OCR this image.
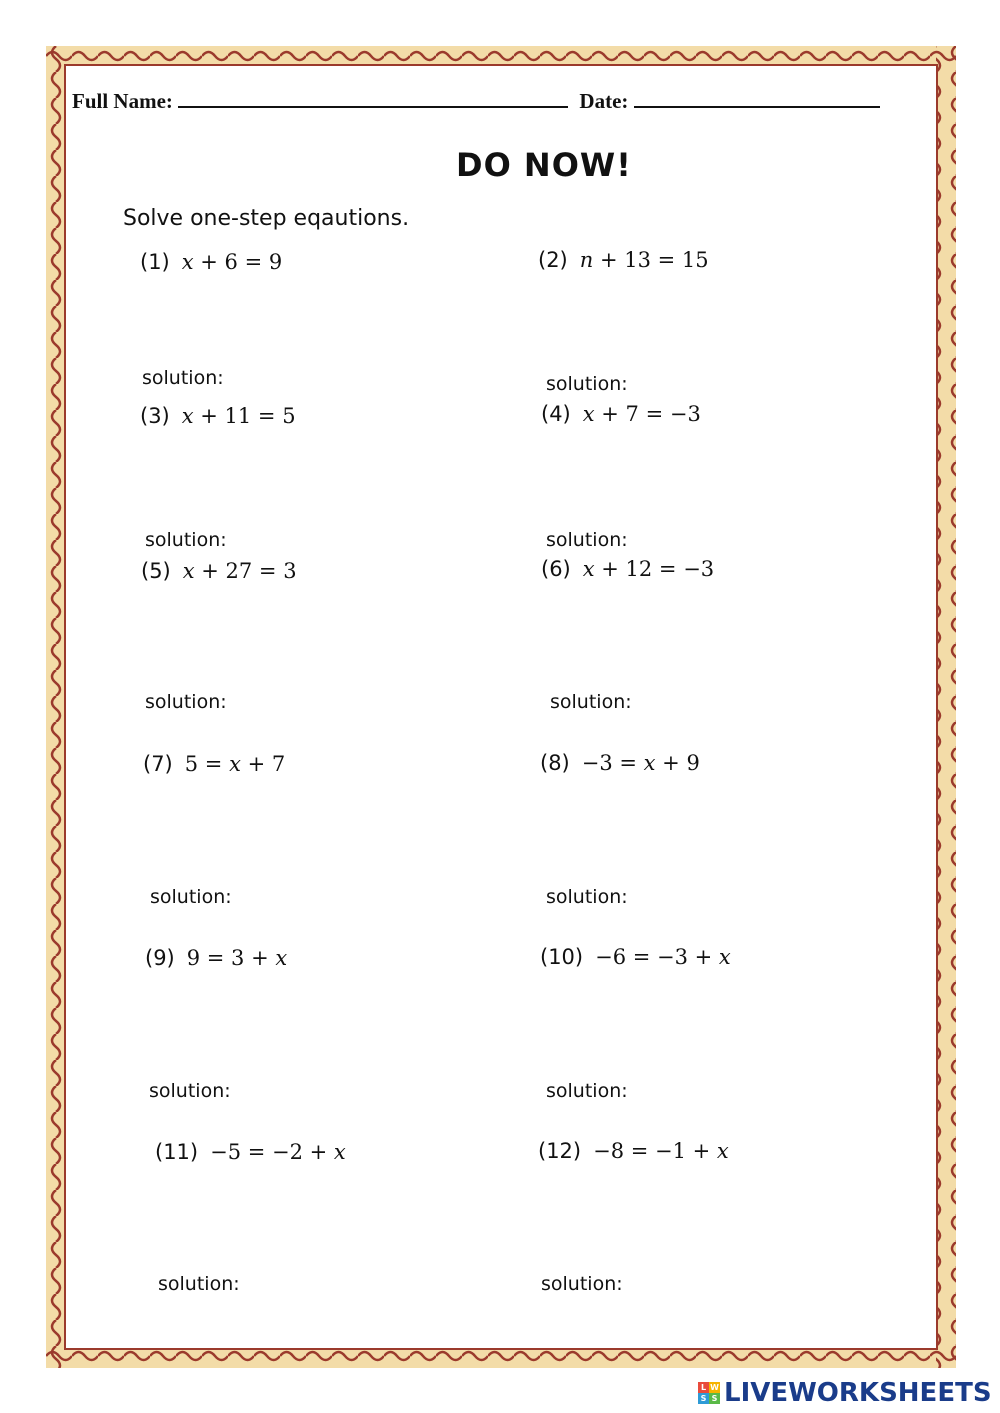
Full Name:	Date:
DO NOW!
Solve one-step eqautions.
(1) x + 6 = 9	(2) n + 13 = 15
solution:	solution:
(3) x + 11 = 5	(4) x + 7 = −3
solution:	solution:
(5) x + 27 = 3	(6) x + 12 = −3
solution:	solution:
(7) 5 = x + 7	(8) −3 = x + 9
solution:	solution:
(9) 9 = 3 + x	(10) −6 = −3 + x
solution:	solution:
(11) −5 = −2 + x	(12) −8 = −1 + x
solution:	solution:
L W
S S LIVEWORKSHEETS
